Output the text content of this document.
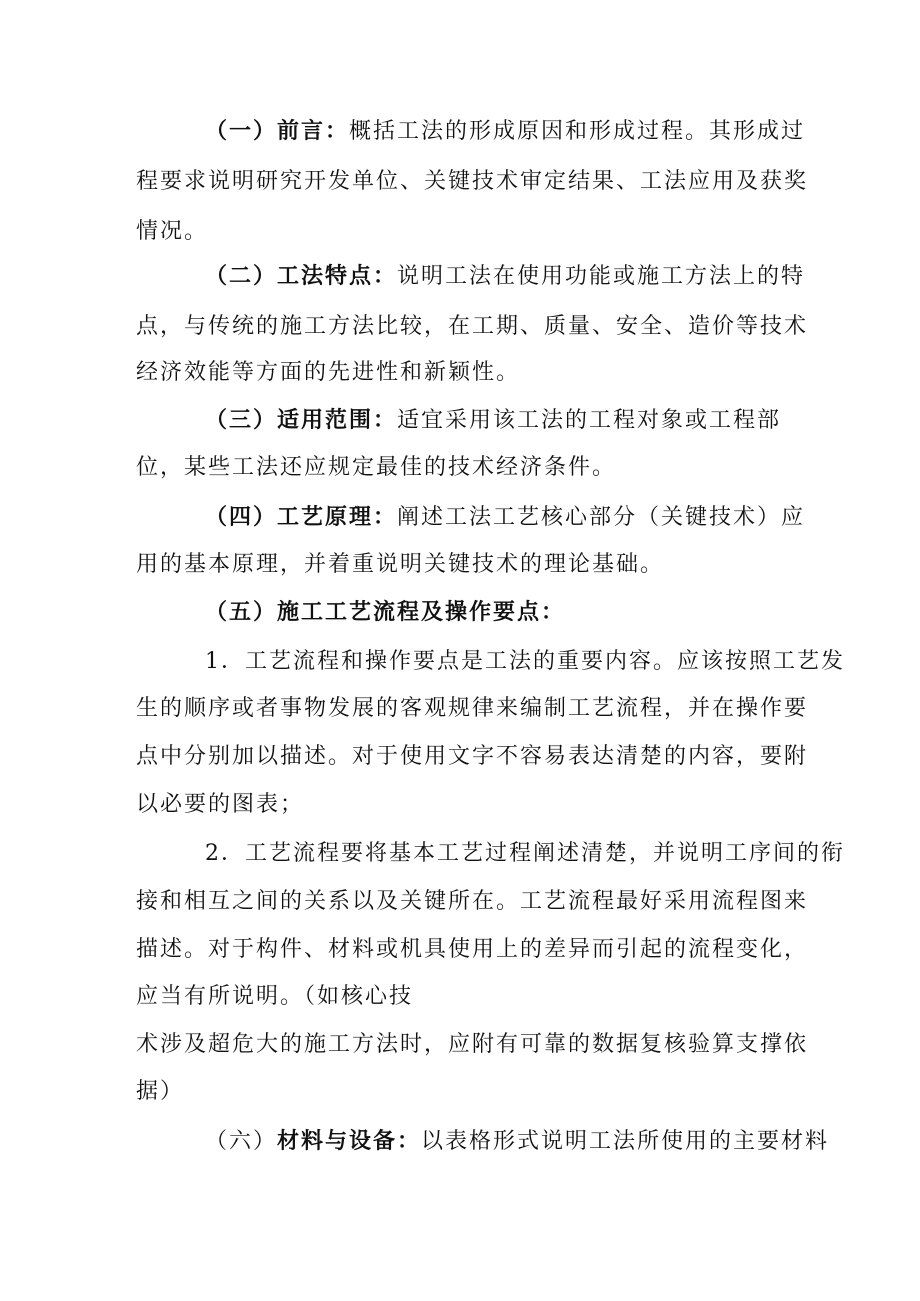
（一）前言：概括工法的形成原因和形成过程。其形成过
程要求说明研究开发单位、关键技术审定结果、工法应用及获奖
情况。
（二）工法特点：说明工法在使用功能或施工方法上的特
点，与传统的施工方法比较，在工期、质量、安全、造价等技术
经济效能等方面的先进性和新颖性。
（三）适用范围：适宜采用该工法的工程对象或工程部
位，某些工法还应规定最佳的技术经济条件。
（四）工艺原理：阐述工法工艺核心部分（关键技术）应
用的基本原理，并着重说明关键技术的理论基础。
（五）施工工艺流程及操作要点：
1．工艺流程和操作要点是工法的重要内容。应该按照工艺发
生的顺序或者事物发展的客观规律来编制工艺流程，并在操作要
点中分别加以描述。对于使用文字不容易表达清楚的内容，要附
以必要的图表；
2．工艺流程要将基本工艺过程阐述清楚，并说明工序间的衔
接和相互之间的关系以及关键所在。工艺流程最好采用流程图来
描述。对于构件、材料或机具使用上的差异而引起的流程变化，
应当有所说明。（如核心技
术涉及超危大的施工方法时，应附有可靠的数据复核验算支撑依
据）
（六）材料与设备：以表格形式说明工法所使用的主要材料
